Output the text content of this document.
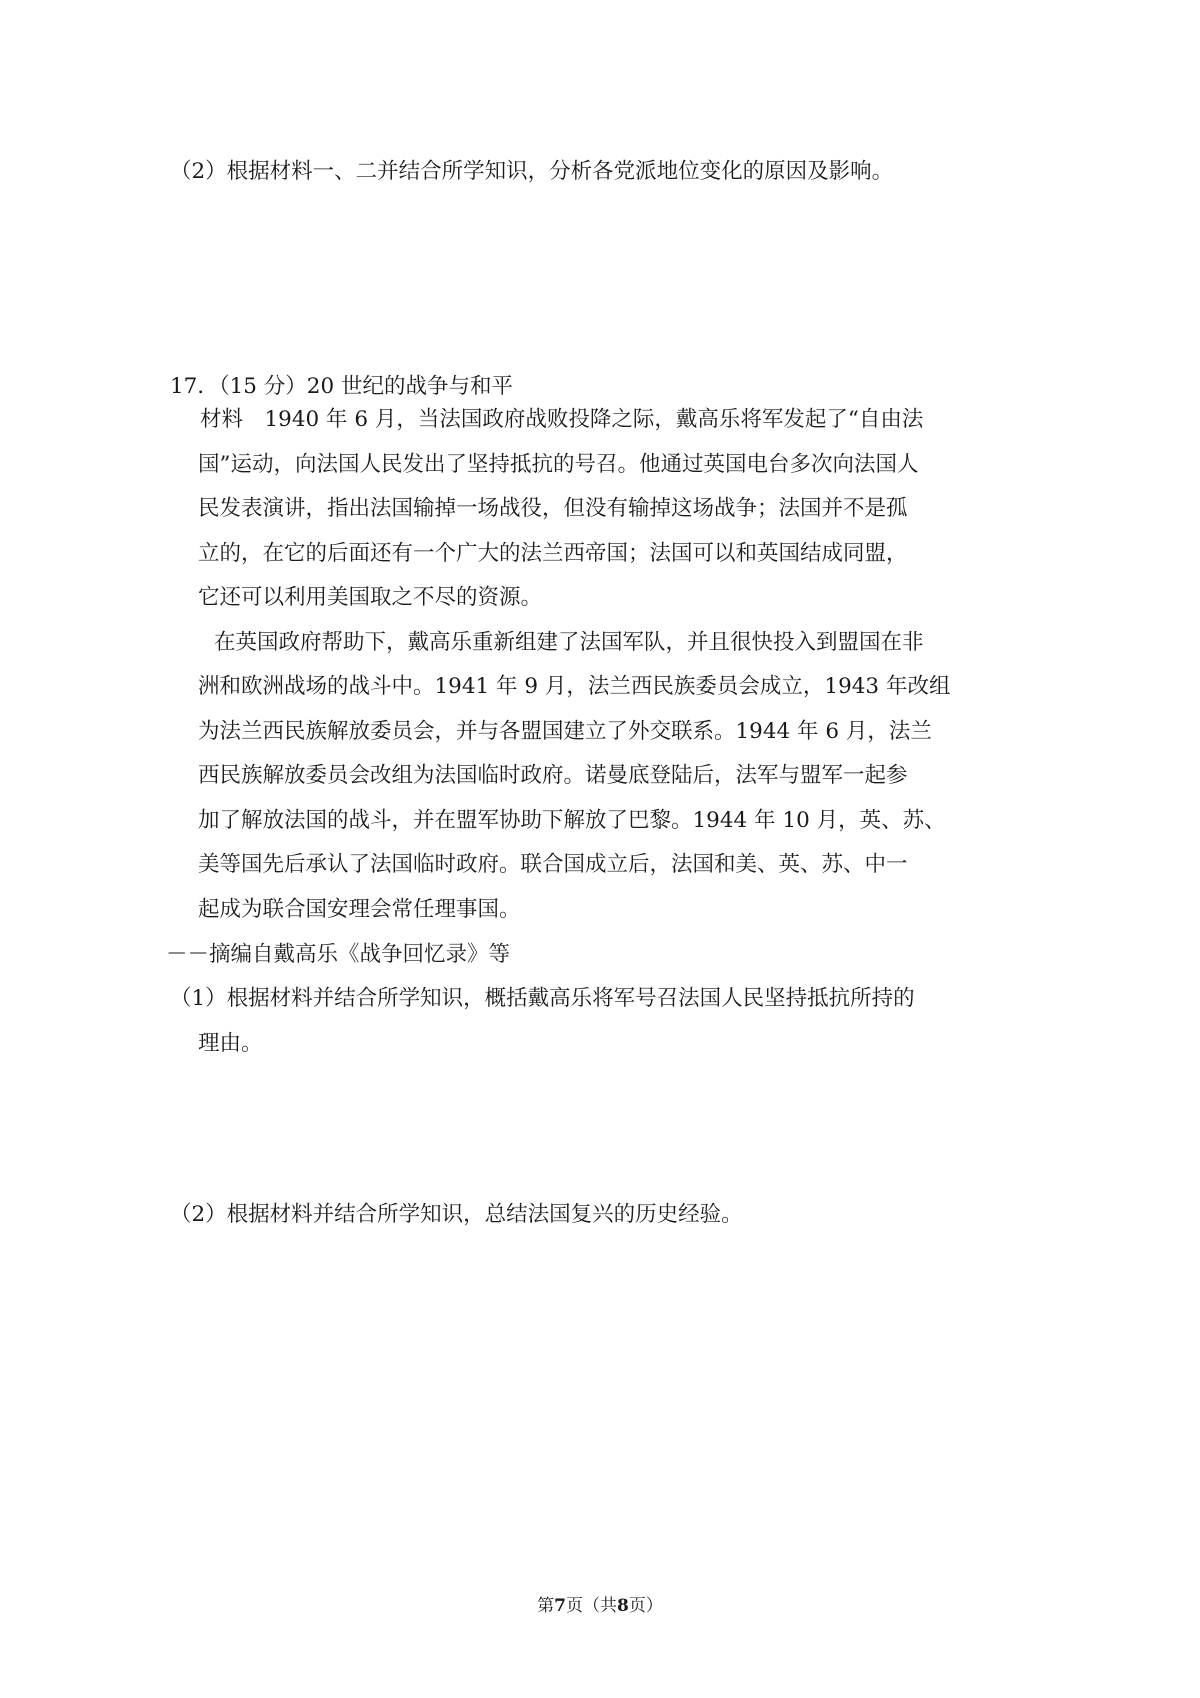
（2）根据材料一、二并结合所学知识，分析各党派地位变化的原因及影响。

17．（15 分）20 世纪的战争与和平

材料　1940 年 6 月，当法国政府战败投降之际，戴高乐将军发起了“自由法

国”运动，向法国人民发出了坚持抵抗的号召。他通过英国电台多次向法国人

民发表演讲，指出法国输掉一场战役，但没有输掉这场战争；法国并不是孤

立的，在它的后面还有一个广大的法兰西帝国；法国可以和英国结成同盟，

它还可以利用美国取之不尽的资源。

在英国政府帮助下，戴高乐重新组建了法国军队，并且很快投入到盟国在非

洲和欧洲战场的战斗中。1941 年 9 月，法兰西民族委员会成立，1943 年改组

为法兰西民族解放委员会，并与各盟国建立了外交联系。1944 年 6 月，法兰

西民族解放委员会改组为法国临时政府。诺曼底登陆后，法军与盟军一起参

加了解放法国的战斗，并在盟军协助下解放了巴黎。1944 年 10 月，英、苏、

美等国先后承认了法国临时政府。联合国成立后，法国和美、英、苏、中一

起成为联合国安理会常任理事国。

－－摘编自戴高乐《战争回忆录》等

（1）根据材料并结合所学知识，概括戴高乐将军号召法国人民坚持抵抗所持的

理由。

（2）根据材料并结合所学知识，总结法国复兴的历史经验。

第7页（共8页）
